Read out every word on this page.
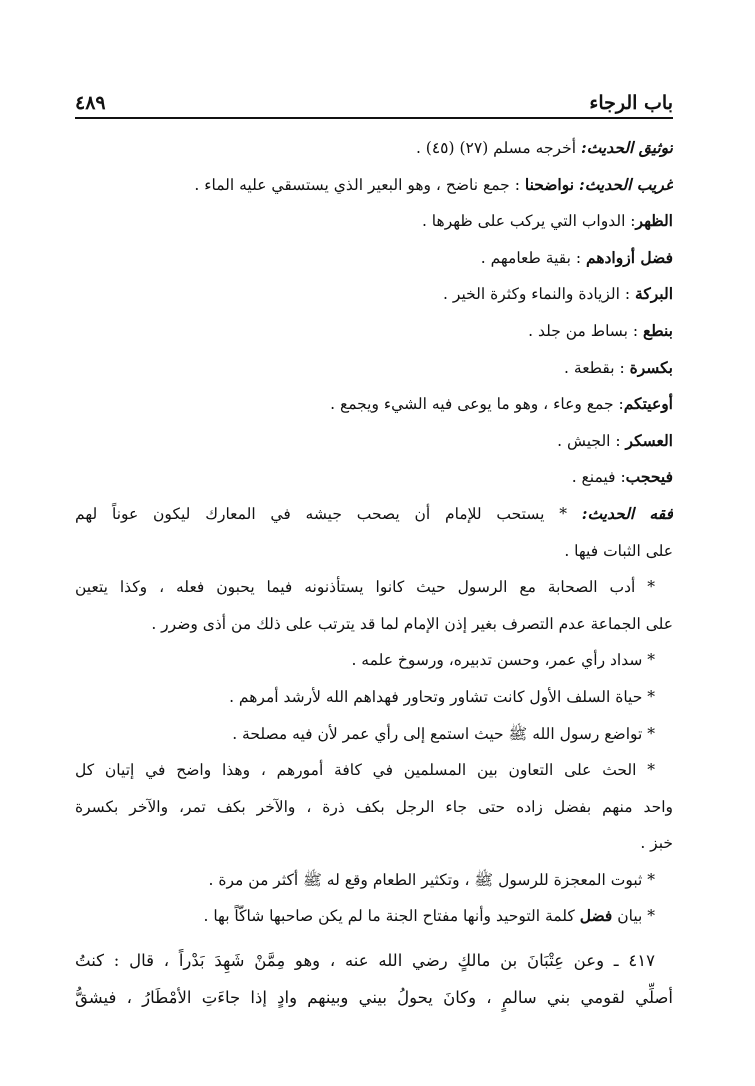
باب الرجاء
٤٨٩
توثيق الحديث: أخرجه مسلم (٢٧) (٤٥) .
غريب الحديث: نواضحنا : جمع ناضح ، وهو البعير الذي يستسقي عليه الماء .
الظهر: الدواب التي يركب على ظهرها .
فضل أزوادهم : بقية طعامهم .
البركة : الزيادة والنماء وكثرة الخير .
بنطع : بساط من جلد .
بكسرة : بقطعة .
أوعيتكم: جمع وعاء ، وهو ما يوعى فيه الشيء ويجمع .
العسكر : الجيش .
فيحجب: فيمنع .
فقه الحديث: * يستحب للإمام أن يصحب جيشه في المعارك ليكون عوناً لهم
على الثبات فيها .
* أدب الصحابة مع الرسول حيث كانوا يستأذنونه فيما يحبون فعله ، وكذا يتعين
على الجماعة عدم التصرف بغير إذن الإمام لما قد يترتب على ذلك من أذى وضرر .
* سداد رأي عمر، وحسن تدبيره، ورسوخ علمه .
* حياة السلف الأول كانت تشاور وتحاور فهداهم الله لأرشد أمرهم .
* تواضع رسول الله ﷺ حيث استمع إلى رأي عمر لأن فيه مصلحة .
* الحث على التعاون بين المسلمين في كافة أمورهم ، وهذا واضح في إتيان كل
واحد منهم بفضل زاده حتى جاء الرجل بكف ذرة ، والآخر بكف تمر، والآخر بكسرة
خبز .
* ثبوت المعجزة للرسول ﷺ ، وتكثير الطعام وقع له ﷺ أكثر من مرة .
* بيان فضل كلمة التوحيد وأنها مفتاح الجنة ما لم يكن صاحبها شاكّاً بها .
٤١٧ ـ وعن عِتْبَانَ بن مالكٍ رضي الله عنه ، وهو مِمَّنْ شَهِدَ بَدْراً ، قال : كنتُ
أصلِّي لقومي بني سالمٍ ، وكانَ يحولُ بيني وبينهم وادٍ إذا جاءَتِ الأمْطَارُ ، فيشقُّ
